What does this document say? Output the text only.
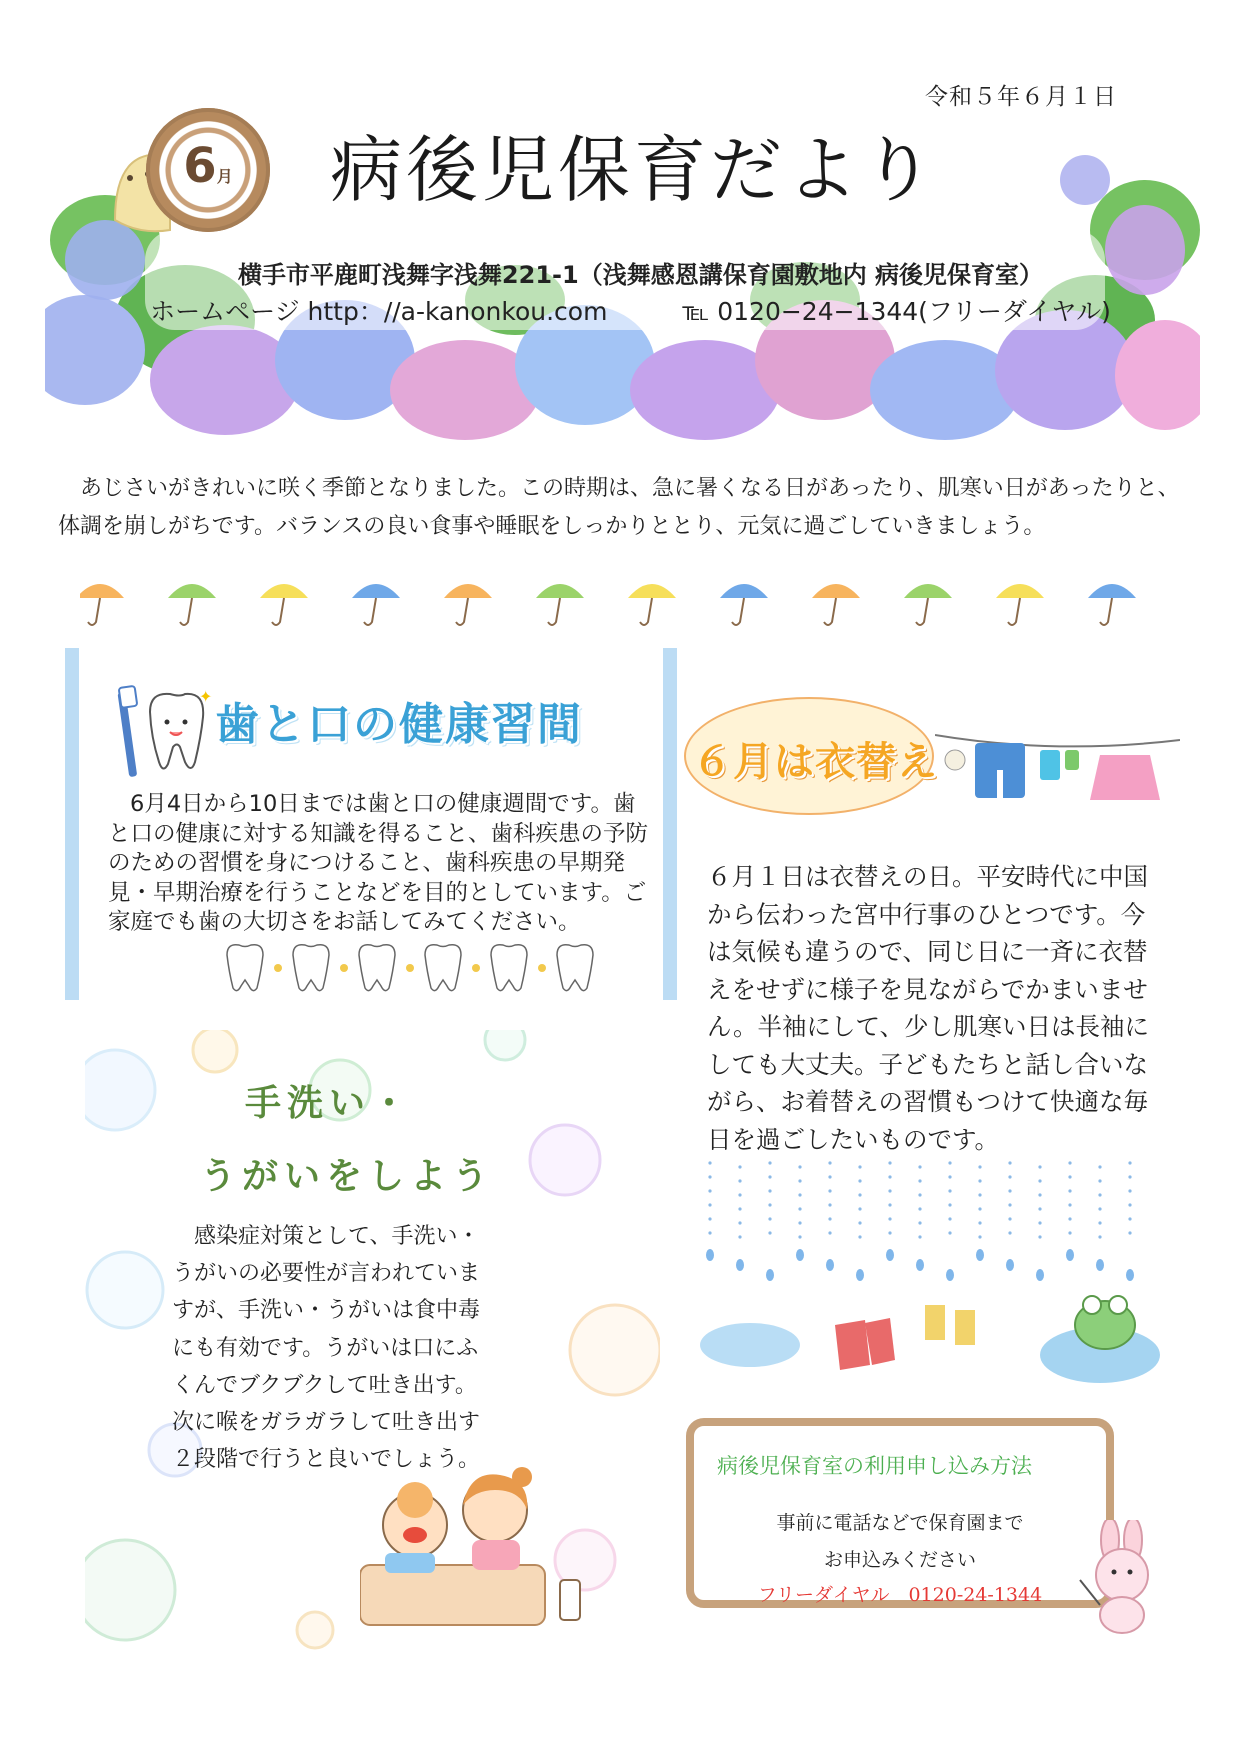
令和５年６月１日
6月	病後児保育だより
横手市平鹿町浅舞字浅舞221-1（浅舞感恩講保育園敷地内 病後児保育室）
ホームページ http：//a-kanonkou.com　　　℡ 0120−24−1344(フリーダイヤル)
あじさいがきれいに咲く季節となりました。この時期は、急に暑くなる日があったり、肌寒い日があったりと、体調を崩しがちです。バランスの良い食事や睡眠をしっかりととり、元気に過ごしていきましょう。
✦
歯と口の健康習間
6月4日から10日までは歯と口の健康週間です。歯と口の健康に対する知識を得ること、歯科疾患の予防のための習慣を身につけること、歯科疾患の早期発見・早期治療を行うことなどを目的としています。ご家庭でも歯の大切さをお話してみてください。
手洗い・
うがいをしよう
感染症対策として、手洗い・うがいの必要性が言われていますが、手洗い・うがいは食中毒にも有効です。うがいは口にふくんでブクブクして吐き出す。次に喉をガラガラして吐き出す２段階で行うと良いでしょう。
６月は衣替え
６月１日は衣替えの日。平安時代に中国から伝わった宮中行事のひとつです。今は気候も違うので、同じ日に一斉に衣替えをせずに様子を見ながらでかまいません。半袖にして、少し肌寒い日は長袖にしても大丈夫。子どもたちと話し合いながら、お着替えの習慣もつけて快適な毎日を過ごしたいものです。
病後児保育室の利用申し込み方法
事前に電話などで保育園まで
お申込みください
フリーダイヤル　0120-24-1344
